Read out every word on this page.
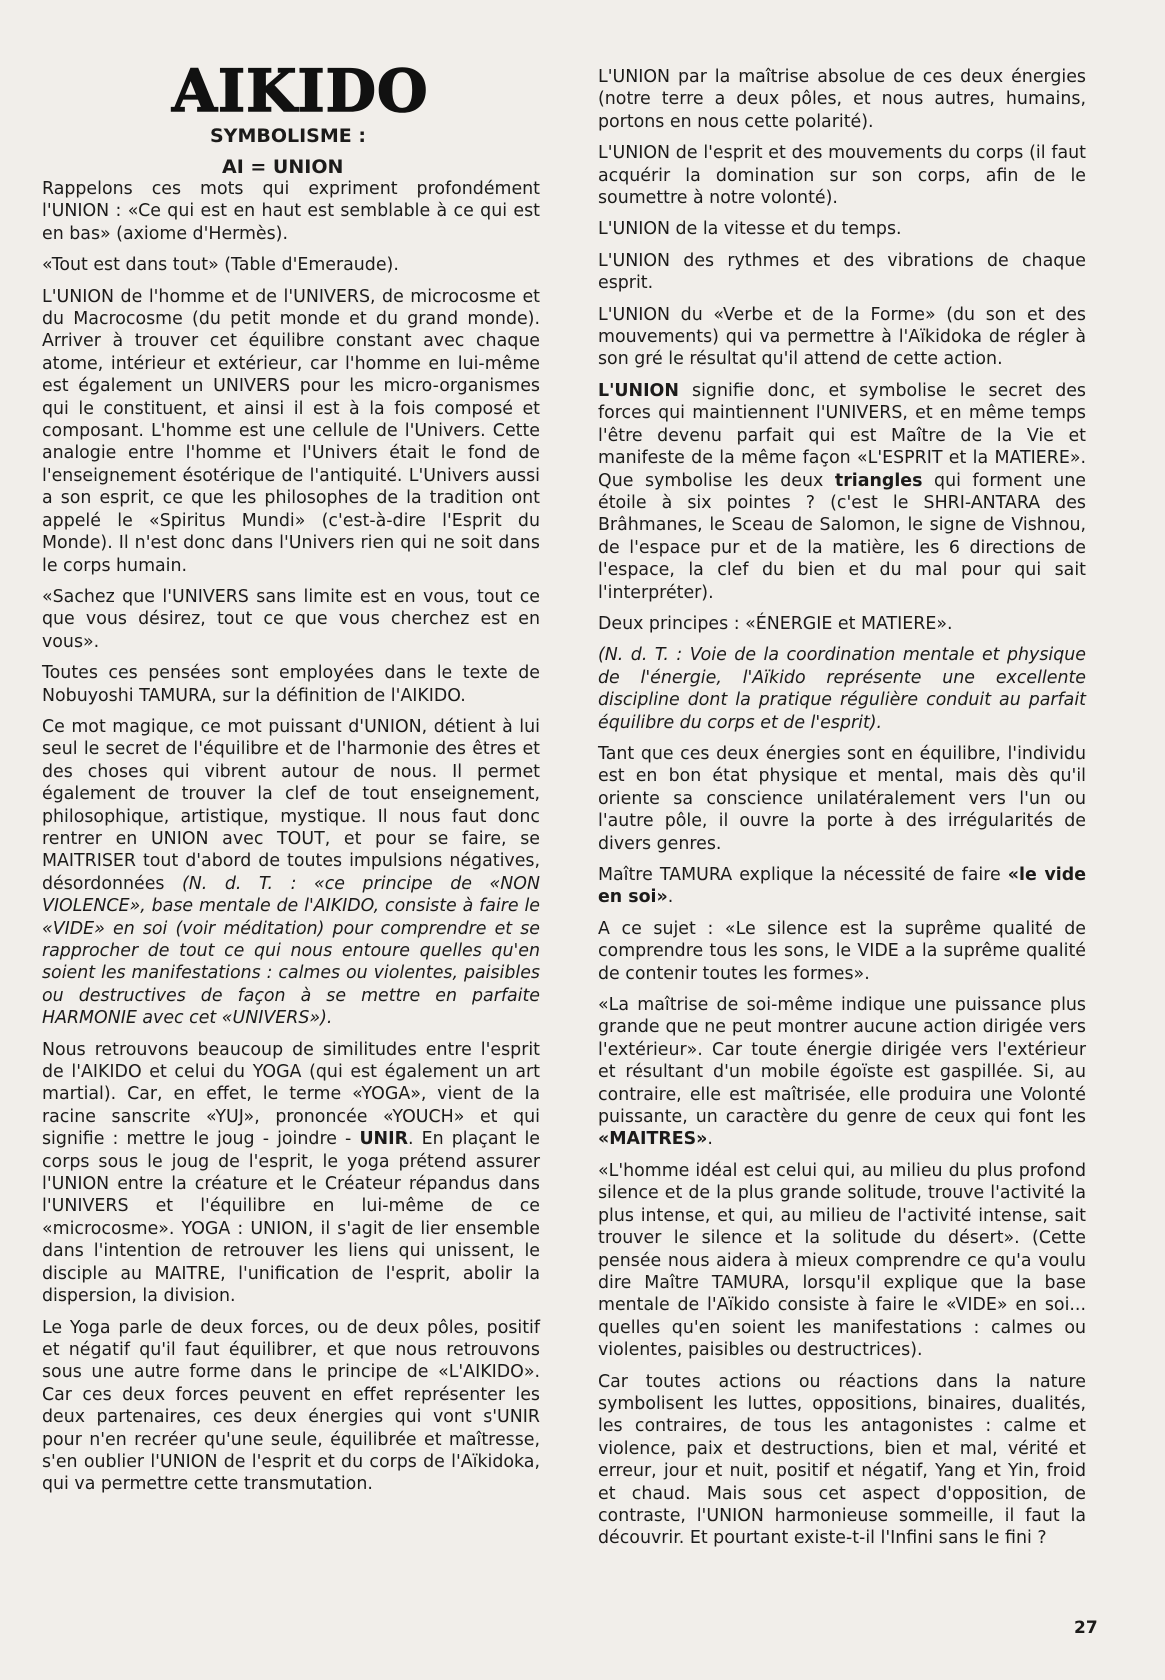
AIKIDO
SYMBOLISME :
AI = UNION

Rappelons ces mots qui expriment profondément l'UNION : «Ce qui est en haut est semblable à ce qui est en bas» (axiome d'Hermès).

«Tout est dans tout» (Table d'Emeraude).

L'UNION de l'homme et de l'UNIVERS, de microcosme et du Macrocosme (du petit monde et du grand monde). Arriver à trouver cet équilibre constant avec chaque atome, intérieur et extérieur, car l'homme en lui-même est également un UNIVERS pour les micro-organismes qui le constituent, et ainsi il est à la fois composé et composant. L'homme est une cellule de l'Univers. Cette analogie entre l'homme et l'Univers était le fond de l'enseignement ésotérique de l'antiquité. L'Univers aussi a son esprit, ce que les philosophes de la tradition ont appelé le «Spiritus Mundi» (c'est-à-dire l'Esprit du Monde). Il n'est donc dans l'Univers rien qui ne soit dans le corps humain.

«Sachez que l'UNIVERS sans limite est en vous, tout ce que vous désirez, tout ce que vous cherchez est en vous».

Toutes ces pensées sont employées dans le texte de Nobuyoshi TAMURA, sur la définition de l'AIKIDO.

Ce mot magique, ce mot puissant d'UNION, détient à lui seul le secret de l'équilibre et de l'harmonie des êtres et des choses qui vibrent autour de nous. Il permet également de trouver la clef de tout enseignement, philosophique, artistique, mystique. Il nous faut donc rentrer en UNION avec TOUT, et pour se faire, se MAITRISER tout d'abord de toutes impulsions négatives, désordonnées (N. d. T. : «ce principe de «NON VIOLENCE», base mentale de l'AIKIDO, consiste à faire le «VIDE» en soi (voir méditation) pour comprendre et se rapprocher de tout ce qui nous entoure quelles qu'en soient les manifestations : calmes ou violentes, paisibles ou destructives de façon à se mettre en parfaite HARMONIE avec cet «UNIVERS»).

Nous retrouvons beaucoup de similitudes entre l'esprit de l'AIKIDO et celui du YOGA (qui est également un art martial). Car, en effet, le terme «YOGA», vient de la racine sanscrite «YUJ», prononcée «YOUCH» et qui signifie : mettre le joug - joindre - UNIR. En plaçant le corps sous le joug de l'esprit, le yoga prétend assurer l'UNION entre la créature et le Créateur répandus dans l'UNIVERS et l'équilibre en lui-même de ce «microcosme». YOGA : UNION, il s'agit de lier ensemble dans l'intention de retrouver les liens qui unissent, le disciple au MAITRE, l'unification de l'esprit, abolir la dispersion, la division.

Le Yoga parle de deux forces, ou de deux pôles, positif et négatif qu'il faut équilibrer, et que nous retrouvons sous une autre forme dans le principe de «L'AIKIDO». Car ces deux forces peuvent en effet représenter les deux partenaires, ces deux énergies qui vont s'UNIR pour n'en recréer qu'une seule, équilibrée et maîtresse, s'en oublier l'UNION de l'esprit et du corps de l'Aïkidoka, qui va permettre cette transmutation.

L'UNION par la maîtrise absolue de ces deux énergies (notre terre a deux pôles, et nous autres, humains, portons en nous cette polarité).

L'UNION de l'esprit et des mouvements du corps (il faut acquérir la domination sur son corps, afin de le soumettre à notre volonté).

L'UNION de la vitesse et du temps.

L'UNION des rythmes et des vibrations de chaque esprit.

L'UNION du «Verbe et de la Forme» (du son et des mouvements) qui va permettre à l'Aïkidoka de régler à son gré le résultat qu'il attend de cette action.

L'UNION signifie donc, et symbolise le secret des forces qui maintiennent l'UNIVERS, et en même temps l'être devenu parfait qui est Maître de la Vie et manifeste de la même façon «L'ESPRIT et la MATIERE». Que symbolise les deux triangles qui forment une étoile à six pointes ? (c'est le SHRI-ANTARA des Brâhmanes, le Sceau de Salomon, le signe de Vishnou, de l'espace pur et de la matière, les 6 directions de l'espace, la clef du bien et du mal pour qui sait l'interpréter).

Deux principes : «ÉNERGIE et MATIERE».

(N. d. T. : Voie de la coordination mentale et physique de l'énergie, l'Aïkido représente une excellente discipline dont la pratique régulière conduit au parfait équilibre du corps et de l'esprit).

Tant que ces deux énergies sont en équilibre, l'individu est en bon état physique et mental, mais dès qu'il oriente sa conscience unilatéralement vers l'un ou l'autre pôle, il ouvre la porte à des irrégularités de divers genres.

Maître TAMURA explique la nécessité de faire «le vide en soi».

A ce sujet : «Le silence est la suprême qualité de comprendre tous les sons, le VIDE a la suprême qualité de contenir toutes les formes».

«La maîtrise de soi-même indique une puissance plus grande que ne peut montrer aucune action dirigée vers l'extérieur». Car toute énergie dirigée vers l'extérieur et résultant d'un mobile égoïste est gaspillée. Si, au contraire, elle est maîtrisée, elle produira une Volonté puissante, un caractère du genre de ceux qui font les «MAITRES».

«L'homme idéal est celui qui, au milieu du plus profond silence et de la plus grande solitude, trouve l'activité la plus intense, et qui, au milieu de l'activité intense, sait trouver le silence et la solitude du désert». (Cette pensée nous aidera à mieux comprendre ce qu'a voulu dire Maître TAMURA, lorsqu'il explique que la base mentale de l'Aïkido consiste à faire le «VIDE» en soi... quelles qu'en soient les manifestations : calmes ou violentes, paisibles ou destructrices).

Car toutes actions ou réactions dans la nature symbolisent les luttes, oppositions, binaires, dualités, les contraires, de tous les antagonistes : calme et violence, paix et destructions, bien et mal, vérité et erreur, jour et nuit, positif et négatif, Yang et Yin, froid et chaud. Mais sous cet aspect d'opposition, de contraste, l'UNION harmonieuse sommeille, il faut la découvrir. Et pourtant existe-t-il l'Infini sans le fini ?

27
